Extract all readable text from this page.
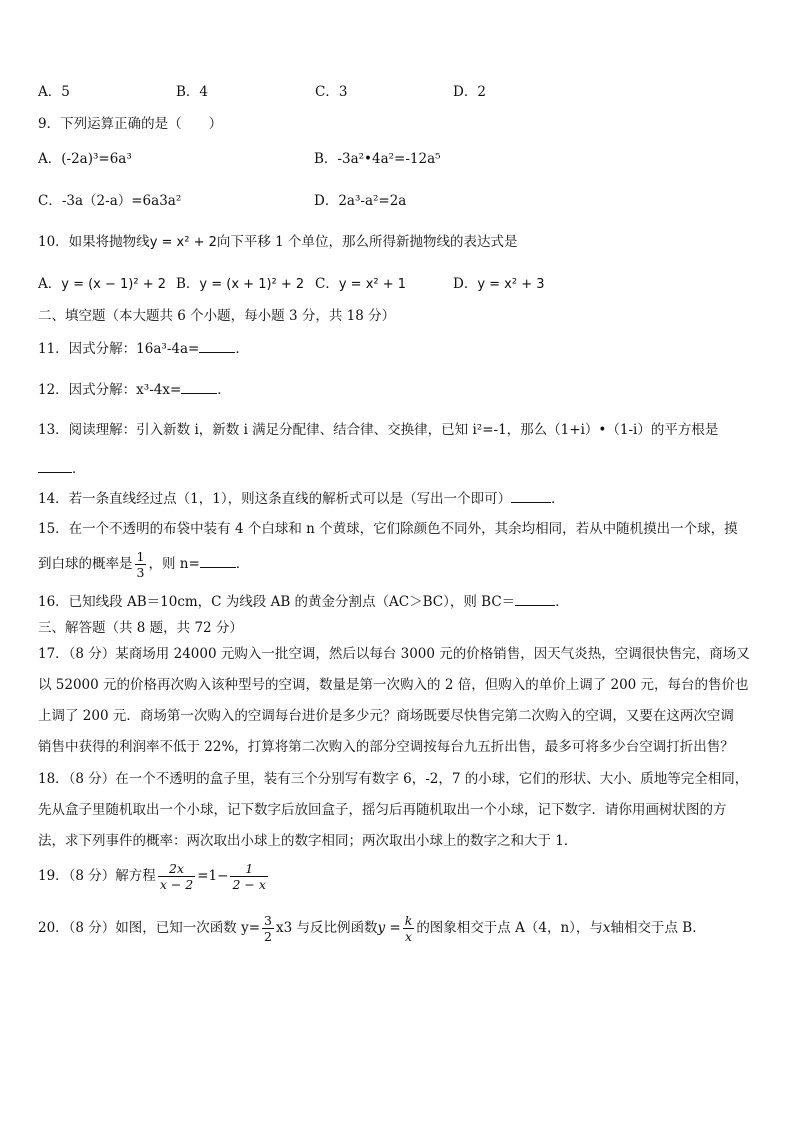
A．5	B．4	C．3	D．2
9．下列运算正确的是（　　）
A．(-2a)³=6a³	B．-3a²•4a²=-12a⁵
C．-3a（2-a）=6a3a²	D．2a³-a²=2a
10．如果将抛物线y = x² + 2向下平移 1 个单位，那么所得新抛物线的表达式是
A．y = (x − 1)² + 2 B．y = (x + 1)² + 2 C．y = x² + 1	D．y = x² + 3
二、填空题（本大题共 6 个小题，每小题 3 分，共 18 分）
11．因式分解：16a³-4a=	．
12．因式分解：x³-4x=	．
13．阅读理解：引入新数 i，新数 i 满足分配律、结合律、交换律，已知 i²=-1，那么（1+i）•（1-i）的平方根是
．
14．若一条直线经过点（1，1），则这条直线的解析式可以是（写出一个即可）	．
15．在一个不透明的布袋中装有 4 个白球和 n 个黄球，它们除颜色不同外，其余均相同，若从中随机摸出一个球，摸
到白球的概率是 $\frac{1}{3}$ ，则 n=	．
16．已知线段 AB＝10cm，C 为线段 AB 的黄金分割点（AC＞BC），则 BC＝	．
三、解答题（共 8 题，共 72 分）
17．（8 分）某商场用 24000 元购入一批空调，然后以每台 3000 元的价格销售，因天气炎热，空调很快售完，商场又
以 52000 元的价格再次购入该种型号的空调，数量是第一次购入的 2 倍，但购入的单价上调了 200 元，每台的售价也
上调了 200 元．商场第一次购入的空调每台进价是多少元？商场既要尽快售完第二次购入的空调，又要在这两次空调
销售中获得的利润率不低于 22%，打算将第二次购入的部分空调按每台九五折出售，最多可将多少台空调打折出售？
18．（8 分）在一个不透明的盒子里，装有三个分别写有数字 6，-2，7 的小球，它们的形状、大小、质地等完全相同，
先从盒子里随机取出一个小球，记下数字后放回盒子，摇匀后再随机取出一个小球，记下数字．请你用画树状图的方
法，求下列事件的概率：两次取出小球上的数字相同；两次取出小球上的数字之和大于 1．
19．（8 分）解方程 $\frac{2x}{x - 2} =1- \frac{1}{2 - x}$
20．（8 分）如图，已知一次函数 $y= \frac{3}{2} x3$ 与反比例函数$y = \frac{k}{x}$ 的图象相交于点 A（4，n），与x轴相交于点 B．
